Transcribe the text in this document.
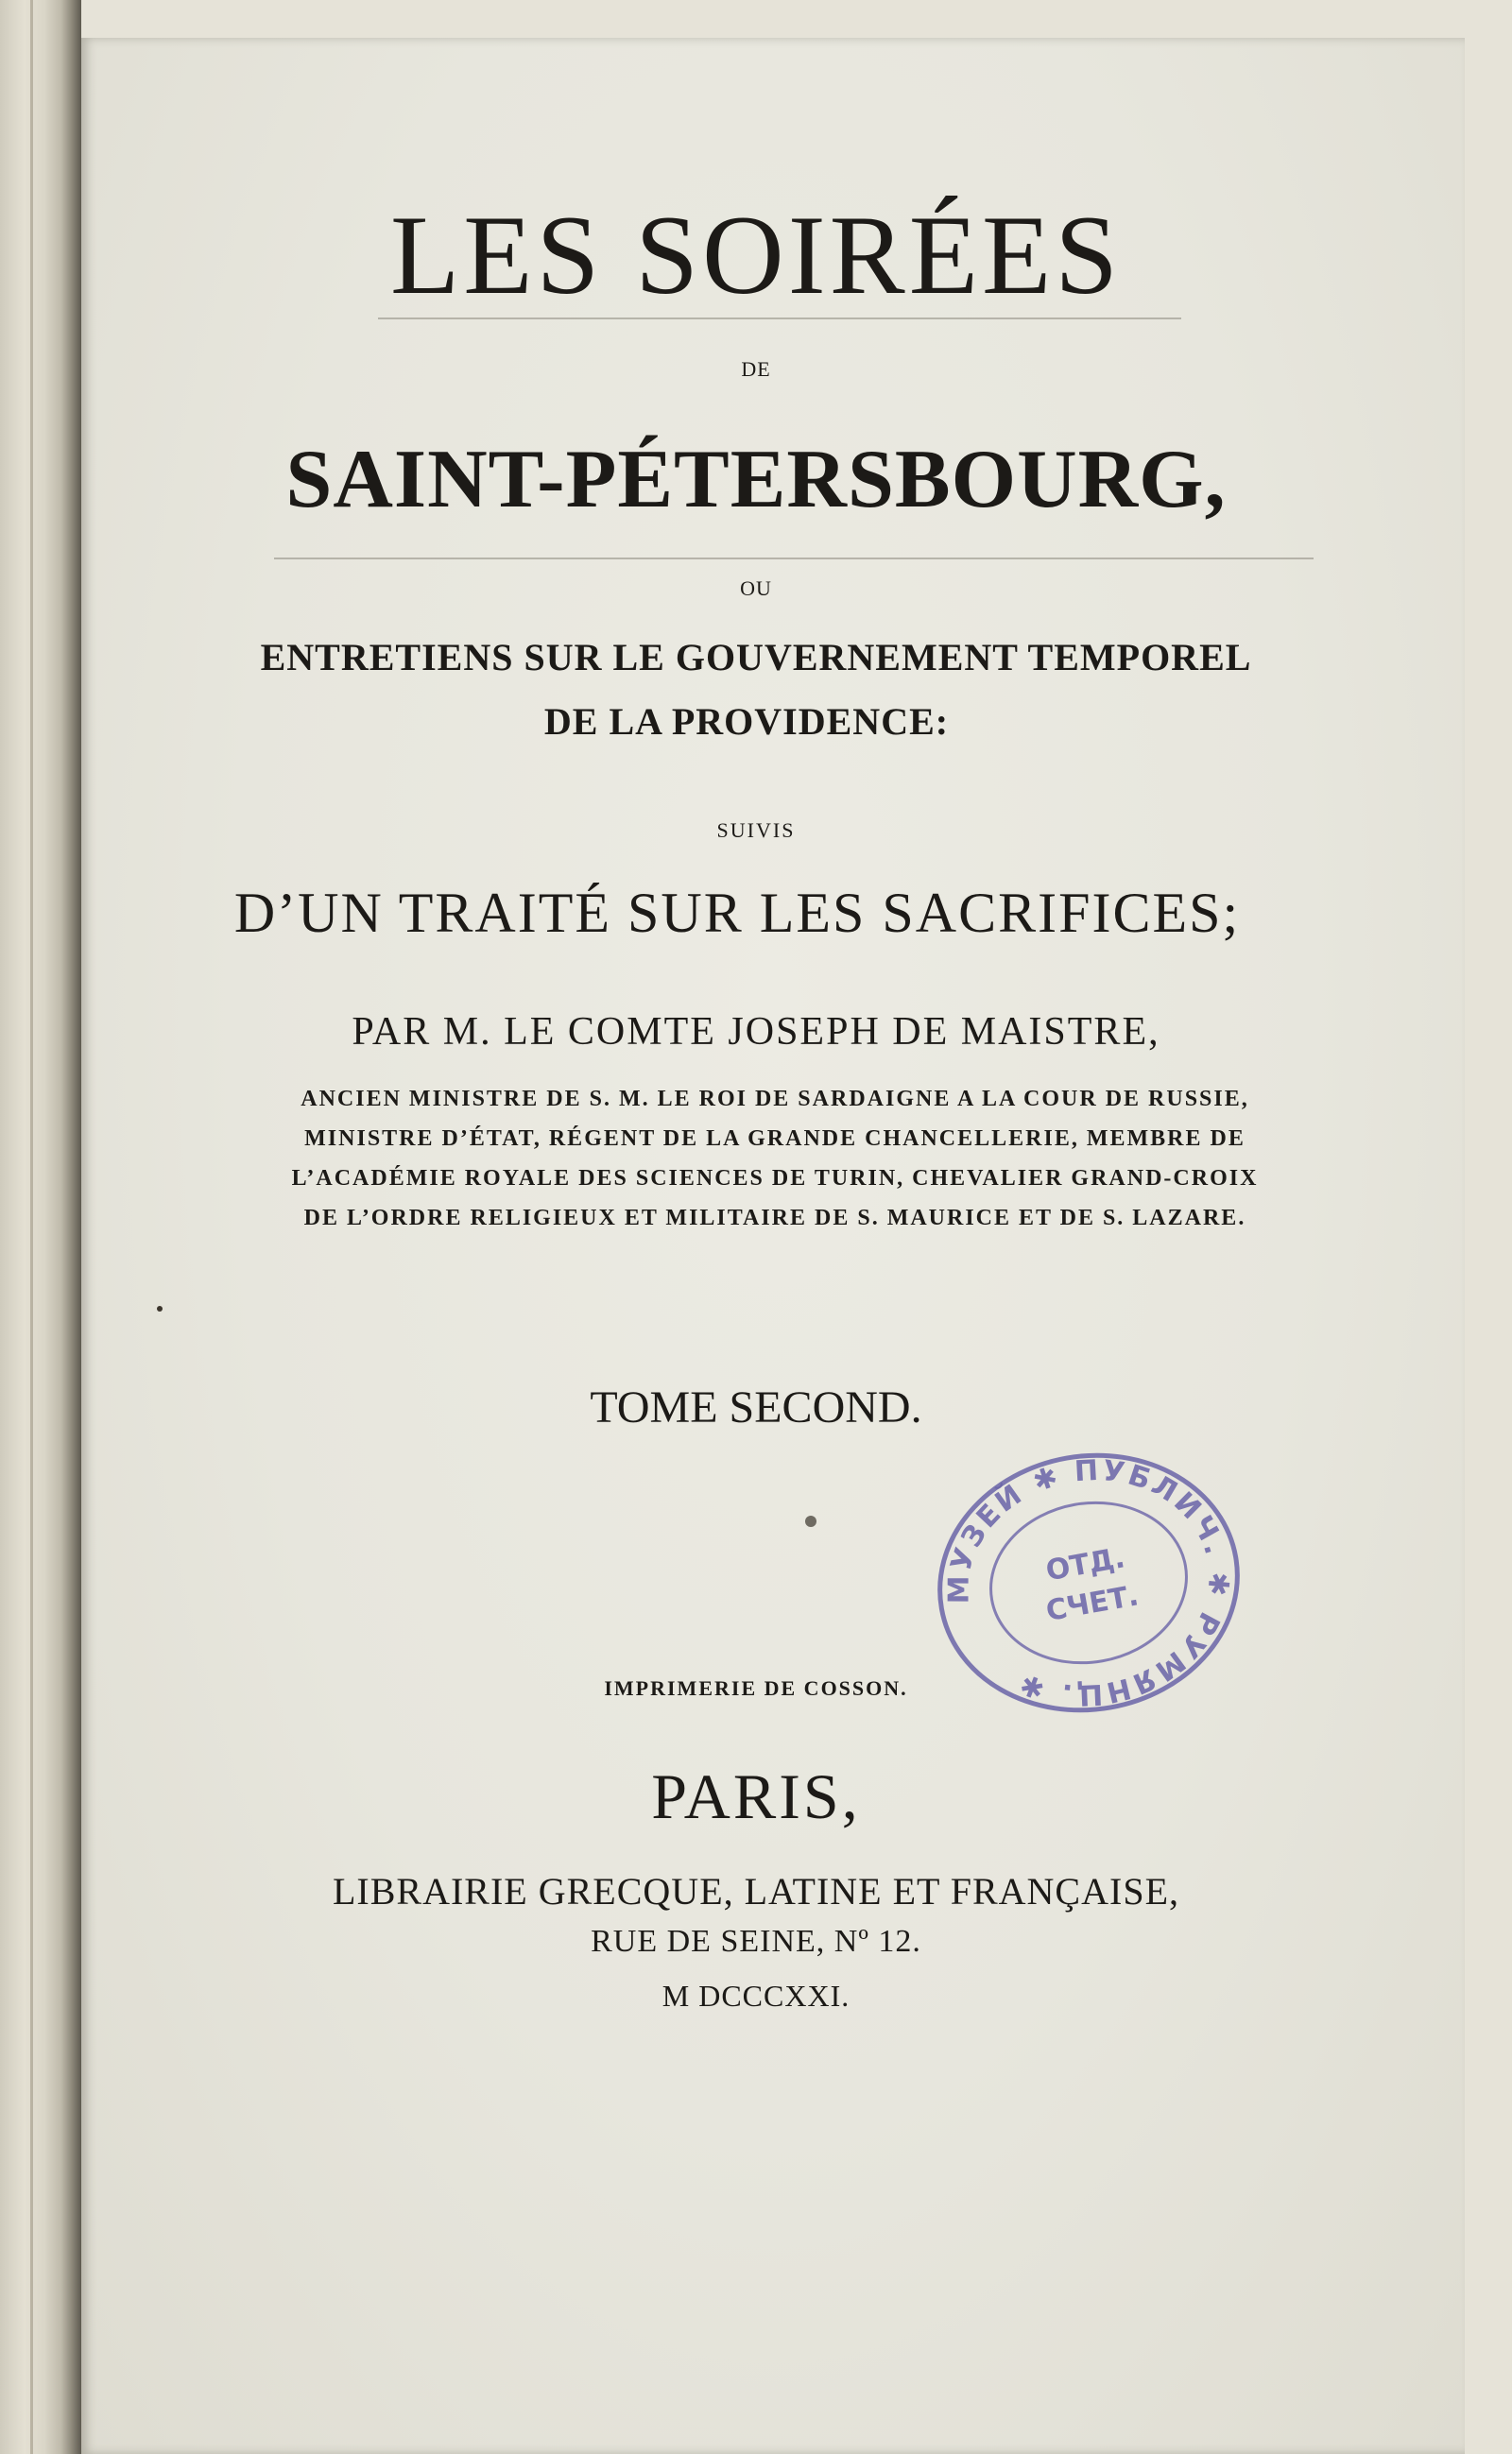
LES SOIRÉES
DE
SAINT-PÉTERSBOURG,
OU
ENTRETIENS SUR LE GOUVERNEMENT TEMPOREL
DE LA PROVIDENCE:
SUIVIS
D’UN TRAITÉ SUR LES SACRIFICES;
PAR M. LE COMTE JOSEPH DE MAISTRE,
ANCIEN MINISTRE DE S. M. LE ROI DE SARDAIGNE A LA COUR DE RUSSIE,
MINISTRE D’ÉTAT, RÉGENT DE LA GRANDE CHANCELLERIE, MEMBRE DE
L’ACADÉMIE ROYALE DES SCIENCES DE TURIN, CHEVALIER GRAND-CROIX
DE L’ORDRE RELIGIEUX ET MILITAIRE DE S. MAURICE ET DE S. LAZARE.
TOME SECOND.
IMPRIMERIE DE COSSON.
PARIS,
LIBRAIRIE GRECQUE, LATINE ET FRANÇAISE,
RUE DE SEINE, Nº 12.
M DCCCXXI.
МУЗЕЙ ✱ ПУБЛИЧ. ✱ РУМЯНЦ. ✱
ОТД.
СЧЕТ.
